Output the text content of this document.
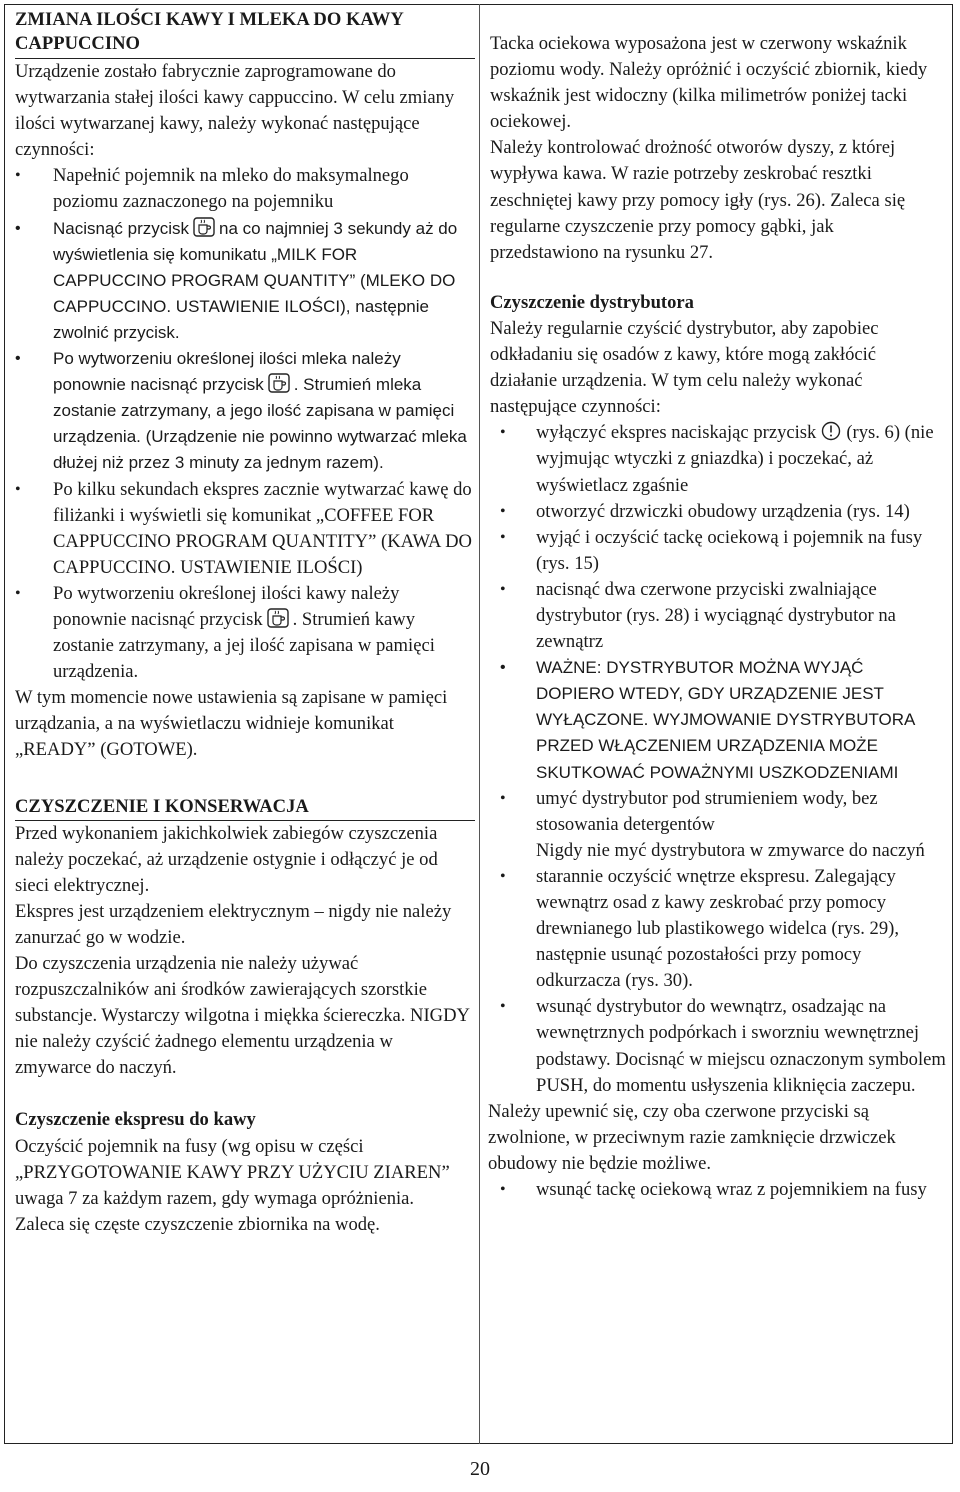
ZMIANA ILOŚCI KAWY I MLEKA DO KAWY CAPPUCCINO

Urządzenie zostało fabrycznie zaprogramowane do wytwarzania stałej ilości kawy cappuccino. W celu zmiany ilości wytwarzanej kawy, należy wykonać następujące czynności:

• Napełnić pojemnik na mleko do maksymalnego poziomu zaznaczonego na pojemniku
• Nacisnąć przycisk na co najmniej 3 sekundy aż do wyświetlenia się komunikatu „MILK FOR CAPPUCCINO PROGRAM QUANTITY” (MLEKO DO CAPPUCCINO. USTAWIENIE ILOŚCI), następnie zwolnić przycisk.
• Po wytworzeniu określonej ilości mleka należy ponownie nacisnąć przycisk . Strumień mleka zostanie zatrzymany, a jego ilość zapisana w pamięci urządzenia. (Urządzenie nie powinno wytwarzać mleka dłużej niż przez 3 minuty za jednym razem).
• Po kilku sekundach ekspres zacznie wytwarzać kawę do filiżanki i wyświetli się komunikat „COFFEE FOR CAPPUCCINO PROGRAM QUANTITY” (KAWA DO CAPPUCCINO. USTAWIENIE ILOŚCI)
• Po wytworzeniu określonej ilości kawy należy ponownie nacisnąć przycisk . Strumień kawy zostanie zatrzymany, a jej ilość zapisana w pamięci urządzenia.

W tym momencie nowe ustawienia są zapisane w pamięci urządzania, a na wyświetlaczu widnieje komunikat „READY” (GOTOWE).

CZYSZCZENIE I KONSERWACJA

Przed wykonaniem jakichkolwiek zabiegów czyszczenia należy poczekać, aż urządzenie ostygnie i odłączyć je od sieci elektrycznej.

Ekspres jest urządzeniem elektrycznym – nigdy nie należy zanurzać go w wodzie.

Do czyszczenia urządzenia nie należy używać rozpuszczalników ani środków zawierających szorstkie substancje. Wystarczy wilgotna i miękka ściereczka. NIGDY nie należy czyścić żadnego elementu urządzenia w zmywarce do naczyń.

Czyszczenie ekspresu do kawy

Oczyścić pojemnik na fusy (wg opisu w części „PRZYGOTOWANIE KAWY PRZY UŻYCIU ZIAREN” uwaga 7 za każdym razem, gdy wymaga opróżnienia.

Zaleca się częste czyszczenie zbiornika na wodę.

Tacka ociekowa wyposażona jest w czerwony wskaźnik poziomu wody. Należy opróżnić i oczyścić zbiornik, kiedy wskaźnik jest widoczny (kilka milimetrów poniżej tacki ociekowej.

Należy kontrolować drożność otworów dyszy, z której wypływa kawa. W razie potrzeby zeskrobać resztki zeschniętej kawy przy pomocy igły (rys. 26). Zaleca się regularne czyszczenie przy pomocy gąbki, jak przedstawiono na rysunku 27.

Czyszczenie dystrybutora

Należy regularnie czyścić dystrybutor, aby zapobiec odkładaniu się osadów z kawy, które mogą zakłócić działanie urządzenia. W tym celu należy wykonać następujące czynności:

• wyłączyć ekspres naciskając przycisk (rys. 6) (nie wyjmując wtyczki z gniazdka) i poczekać, aż wyświetlacz zgaśnie
• otworzyć drzwiczki obudowy urządzenia (rys. 14)
• wyjąć i oczyścić tackę ociekową i pojemnik na fusy (rys. 15)
• nacisnąć dwa czerwone przyciski zwalniające dystrybutor (rys. 28) i wyciągnąć dystrybutor na zewnątrz
• WAŻNE: DYSTRYBUTOR MOŻNA WYJĄĆ DOPIERO WTEDY, GDY URZĄDZENIE JEST WYŁĄCZONE. WYJMOWANIE DYSTRYBUTORA PRZED WŁĄCZENIEM URZĄDZENIA MOŻE SKUTKOWAĆ POWAŻNYMI USZKODZENIAMI
• umyć dystrybutor pod strumieniem wody, bez stosowania detergentów
Nigdy nie myć dystrybutora w zmywarce do naczyń
• starannie oczyścić wnętrze ekspresu. Zalegający wewnątrz osad z kawy zeskrobać przy pomocy drewnianego lub plastikowego widelca (rys. 29), następnie usunąć pozostałości przy pomocy odkurzacza (rys. 30).
• wsunąć dystrybutor do wewnątrz, osadzając na wewnętrznych podpórkach i sworzniu wewnętrznej podstawy. Docisnąć w miejscu oznaczonym symbolem PUSH, do momentu usłyszenia kliknięcia zaczepu.

Należy upewnić się, czy oba czerwone przyciski są zwolnione, w przeciwnym razie zamknięcie drzwiczek obudowy nie będzie możliwe.

• wsunąć tackę ociekową wraz z pojemnikiem na fusy
20
